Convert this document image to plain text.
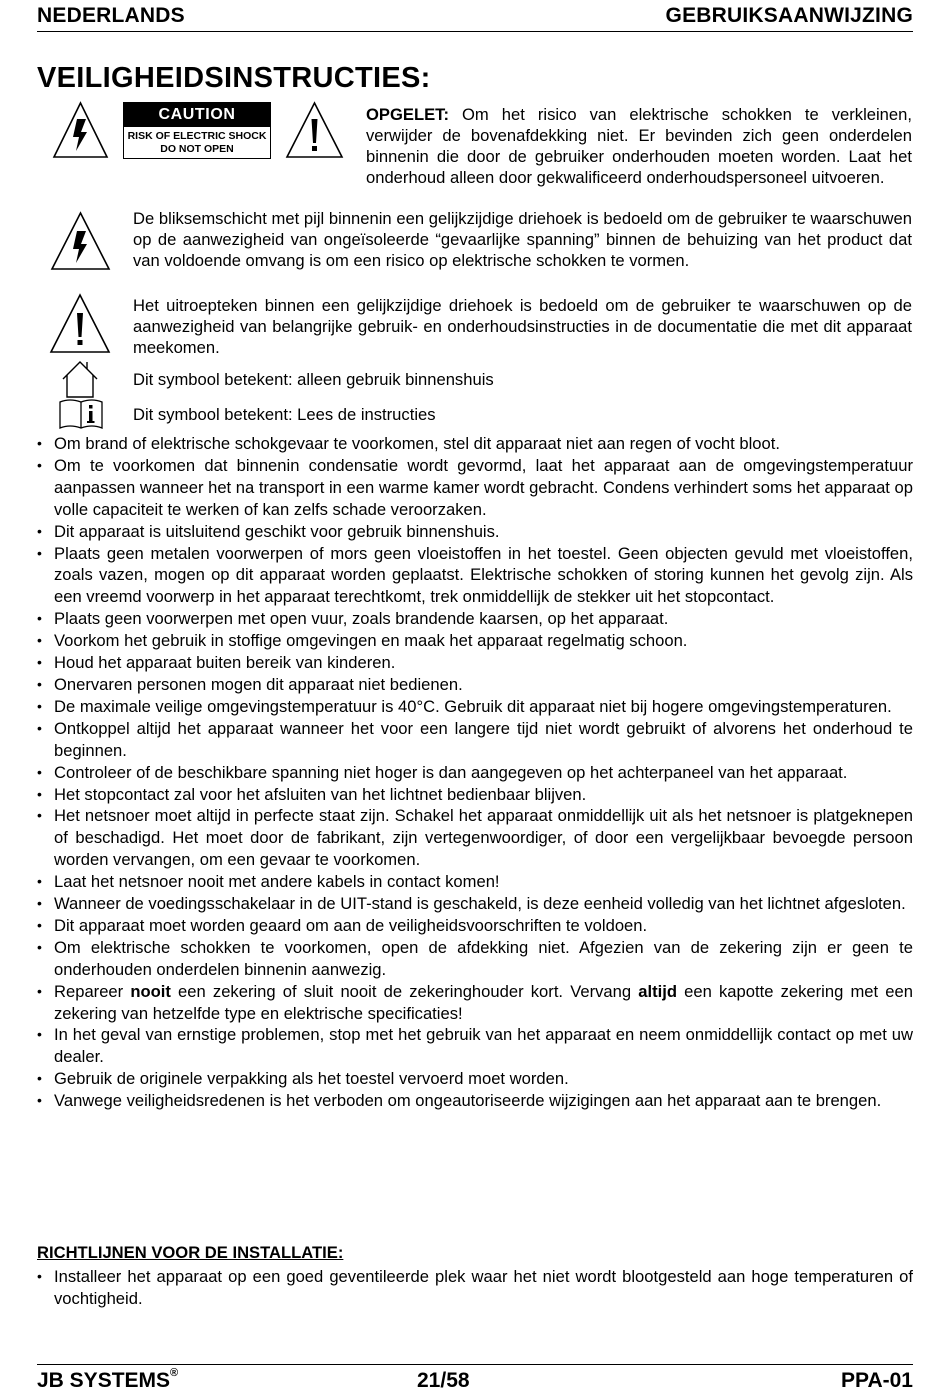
NEDERLANDS	GEBRUIKSAANWIJZING
VEILIGHEIDSINSTRUCTIES:
CAUTION
RISK OF ELECTRIC SHOCK
DO NOT OPEN
OPGELET: Om het risico van elektrische schokken te verkleinen, verwijder de bovenafdekking niet. Er bevinden zich geen onderdelen binnenin die door de gebruiker onderhouden moeten worden. Laat het onderhoud alleen door gekwalificeerd onderhoudspersoneel uitvoeren.
De bliksemschicht met pijl binnenin een gelijkzijdige driehoek is bedoeld om de gebruiker te waarschuwen op de aanwezigheid van ongeïsoleerde “gevaarlijke spanning” binnen de behuizing van het product dat van voldoende omvang is om een risico op elektrische schokken te vormen.
Het uitroepteken binnen een gelijkzijdige driehoek is bedoeld om de gebruiker te waarschuwen op de aanwezigheid van belangrijke gebruik- en onderhoudsinstructies in de documentatie die met dit apparaat meekomen.
Dit symbool betekent: alleen gebruik binnenshuis
Dit symbool betekent: Lees de instructies
• Om brand of elektrische schokgevaar te voorkomen, stel dit apparaat niet aan regen of vocht bloot.
• Om te voorkomen dat binnenin condensatie wordt gevormd, laat het apparaat aan de omgevingstemperatuur aanpassen wanneer het na transport in een warme kamer wordt gebracht. Condens verhindert soms het apparaat op volle capaciteit te werken of kan zelfs schade veroorzaken.
• Dit apparaat is uitsluitend geschikt voor gebruik binnenshuis.
• Plaats geen metalen voorwerpen of mors geen vloeistoffen in het toestel. Geen objecten gevuld met vloeistoffen, zoals vazen, mogen op dit apparaat worden geplaatst. Elektrische schokken of storing kunnen het gevolg zijn. Als een vreemd voorwerp in het apparaat terechtkomt, trek onmiddellijk de stekker uit het stopcontact.
• Plaats geen voorwerpen met open vuur, zoals brandende kaarsen, op het apparaat.
• Voorkom het gebruik in stoffige omgevingen en maak het apparaat regelmatig schoon.
• Houd het apparaat buiten bereik van kinderen.
• Onervaren personen mogen dit apparaat niet bedienen.
• De maximale veilige omgevingstemperatuur is 40°C. Gebruik dit apparaat niet bij hogere omgevingstemperaturen.
• Ontkoppel altijd het apparaat wanneer het voor een langere tijd niet wordt gebruikt of alvorens het onderhoud te beginnen.
• Controleer of de beschikbare spanning niet hoger is dan aangegeven op het achterpaneel van het apparaat.
• Het stopcontact zal voor het afsluiten van het lichtnet bedienbaar blijven.
• Het netsnoer moet altijd in perfecte staat zijn. Schakel het apparaat onmiddellijk uit als het netsnoer is platgeknepen of beschadigd. Het moet door de fabrikant, zijn vertegenwoordiger, of door een vergelijkbaar bevoegde persoon worden vervangen, om een gevaar te voorkomen.
• Laat het netsnoer nooit met andere kabels in contact komen!
• Wanneer de voedingsschakelaar in de UIT-stand is geschakeld, is deze eenheid volledig van het lichtnet afgesloten.
• Dit apparaat moet worden geaard om aan de veiligheidsvoorschriften te voldoen.
• Om elektrische schokken te voorkomen, open de afdekking niet. Afgezien van de zekering zijn er geen te onderhouden onderdelen binnenin aanwezig.
• Repareer nooit een zekering of sluit nooit de zekeringhouder kort. Vervang altijd een kapotte zekering met een zekering van hetzelfde type en elektrische specificaties!
• In het geval van ernstige problemen, stop met het gebruik van het apparaat en neem onmiddellijk contact op met uw dealer.
• Gebruik de originele verpakking als het toestel vervoerd moet worden.
• Vanwege veiligheidsredenen is het verboden om ongeautoriseerde wijzigingen aan het apparaat aan te brengen.
RICHTLIJNEN VOOR DE INSTALLATIE:
• Installeer het apparaat op een goed geventileerde plek waar het niet wordt blootgesteld aan hoge temperaturen of vochtigheid.
JB SYSTEMS®	21/58	PPA-01
